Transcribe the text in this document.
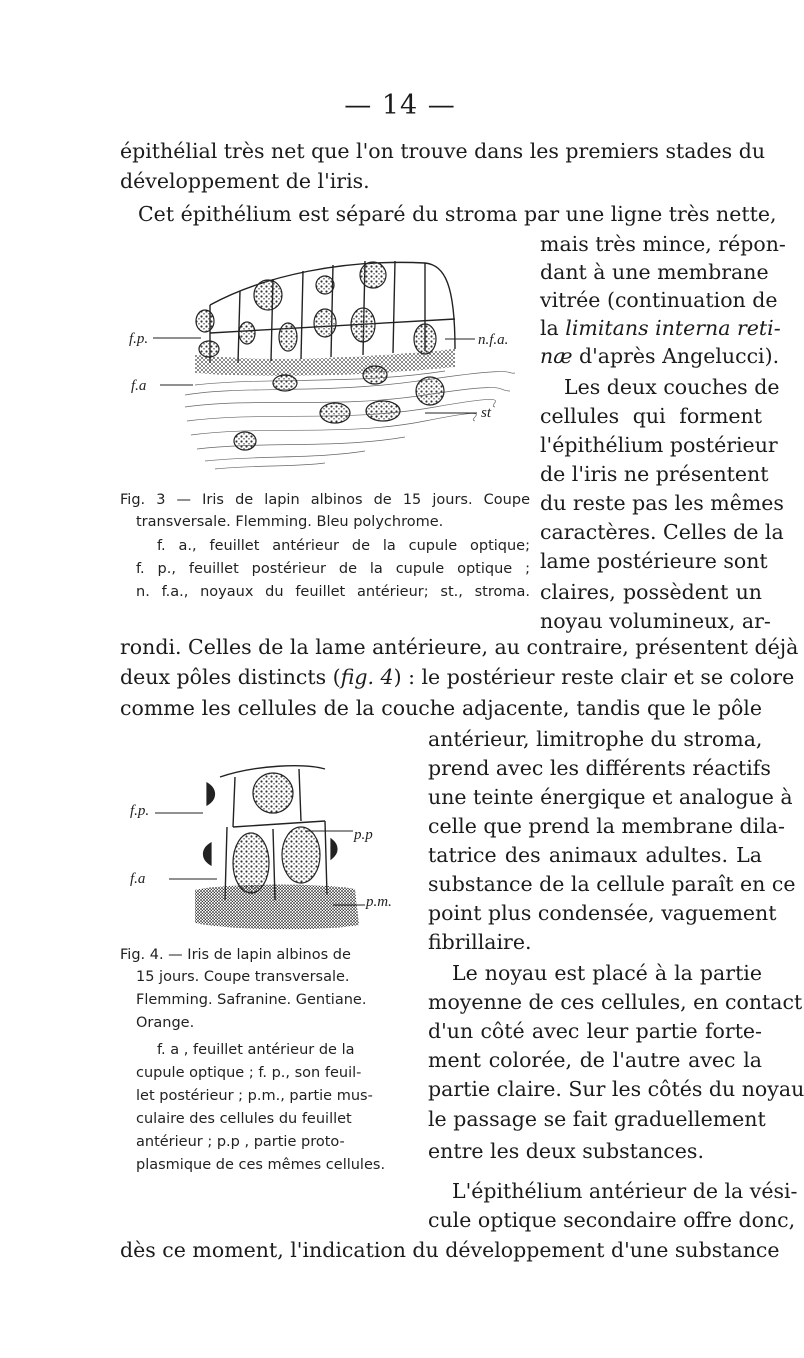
— 14 —
épithélial très net que l'on trouve dans les premiers stades du
développement de l'iris.
Cet épithélium est séparé du stroma par une ligne très nette,
mais très mince, répon-
dant à une membrane
vitrée (continuation de
la limitans interna reti-
næ d'après Angelucci).
Les deux couches de
cellules qui forment
l'épithélium postérieur
de l'iris ne présentent
du reste pas les mêmes
caractères. Celles de la
lame postérieure sont
claires, possèdent un
noyau volumineux, ar-
f.p.
f.a
n.f.a.
st
Fig. 3 — Iris de lapin albinos de 15 jours. Coupe
transversale. Flemming. Bleu polychrome.
f. a., feuillet antérieur de la cupule optique;
f. p., feuillet postérieur de la cupule optique ;
n. f.a., noyaux du feuillet antérieur; st., stroma.
rondi. Celles de la lame antérieure, au contraire, présentent déjà
deux pôles distincts (fig. 4) : le postérieur reste clair et se colore
comme les cellules de la couche adjacente, tandis que le pôle
antérieur, limitrophe du stroma,
prend avec les différents réactifs
une teinte énergique et analogue à
celle que prend la membrane dila-
tatrice des animaux adultes. La
substance de la cellule paraît en ce
point plus condensée, vaguement
fibrillaire.
Le noyau est placé à la partie
moyenne de ces cellules, en contact
d'un côté avec leur partie forte-
ment colorée, de l'autre avec la
partie claire. Sur les côtés du noyau
le passage se fait graduellement
entre les deux substances.
L'épithélium antérieur de la vési-
cule optique secondaire offre donc,
f.p.
f.a
p.p
p.m.
Fig. 4. — Iris de lapin albinos de
15 jours. Coupe transversale.
Flemming. Safranine. Gentiane.
Orange.
f. a , feuillet antérieur de la
cupule optique ; f. p., son feuil-
let postérieur ; p.m., partie mus-
culaire des cellules du feuillet
antérieur ; p.p , partie proto-
plasmique de ces mêmes cellules.
dès ce moment, l'indication du développement d'une substance
